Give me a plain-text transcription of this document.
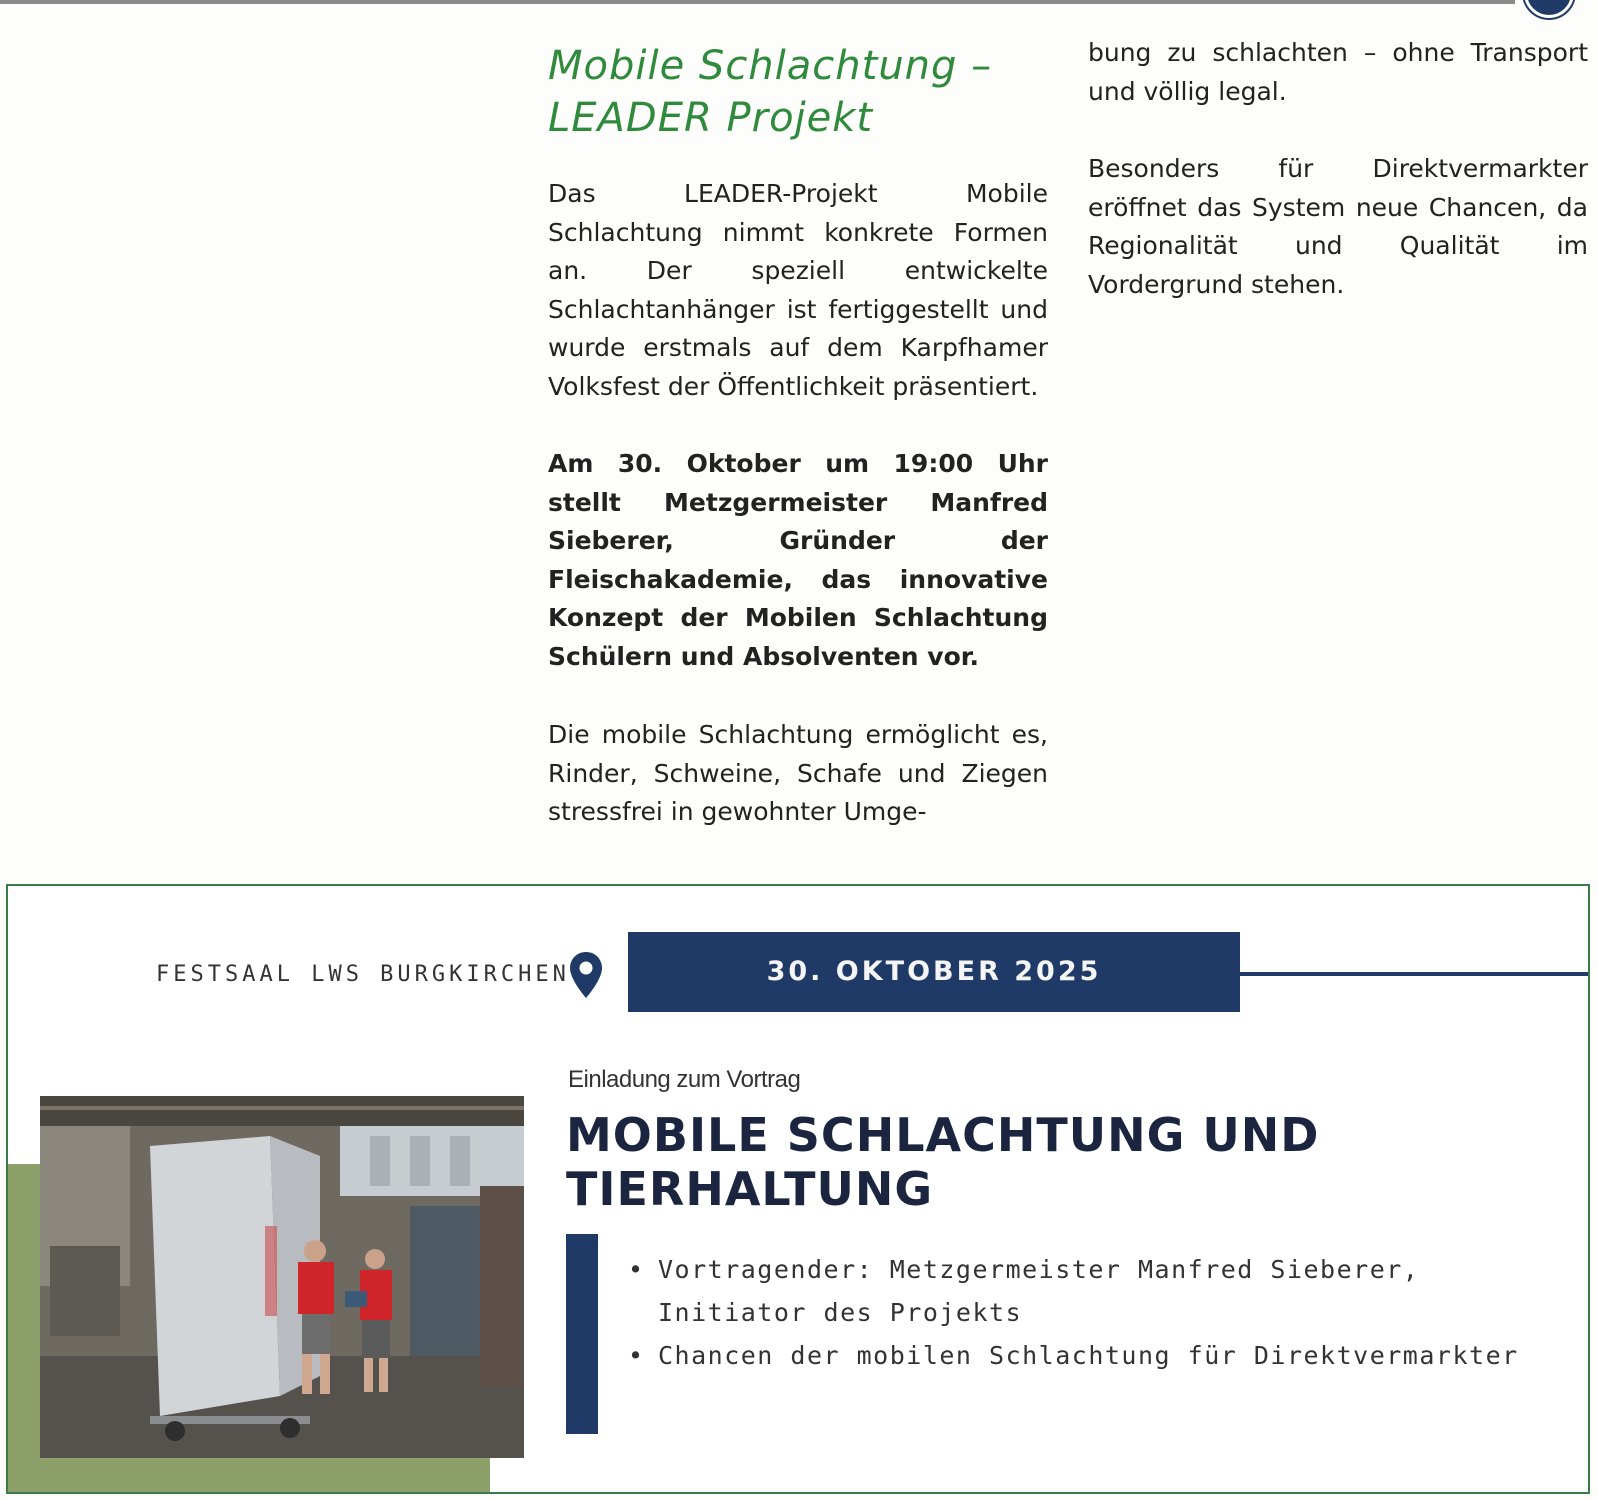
Mobile Schlachtung –
LEADER Projekt

Das LEADER-Projekt Mobile Schlachtung nimmt konkrete Formen an. Der speziell entwickelte Schlachtanhänger ist fertiggestellt und wurde erstmals auf dem Karpfhamer Volksfest der Öffentlichkeit präsentiert.

Am 30. Oktober um 19:00 Uhr stellt Metzgermeister Manfred Sieberer, Gründer der Fleischakademie, das innovative Konzept der Mobilen Schlachtung Schülern und Absolventen vor.

Die mobile Schlachtung ermöglicht es, Rinder, Schweine, Schafe und Ziegen stressfrei in gewohnter Umge-

bung zu schlachten – ohne Transport und völlig legal.

Besonders für Direktvermarkter eröffnet das System neue Chancen, da Regionalität und Qualität im Vordergrund stehen.

FESTSAAL LWS BURGKIRCHEN	30. OKTOBER 2025
Einladung zum Vortrag
MOBILE SCHLACHTUNG UND
TIERHALTUNG
• Vortragender: Metzgermeister Manfred Sieberer, Initiator des Projekts
• Chancen der mobilen Schlachtung für Direktvermarkter
